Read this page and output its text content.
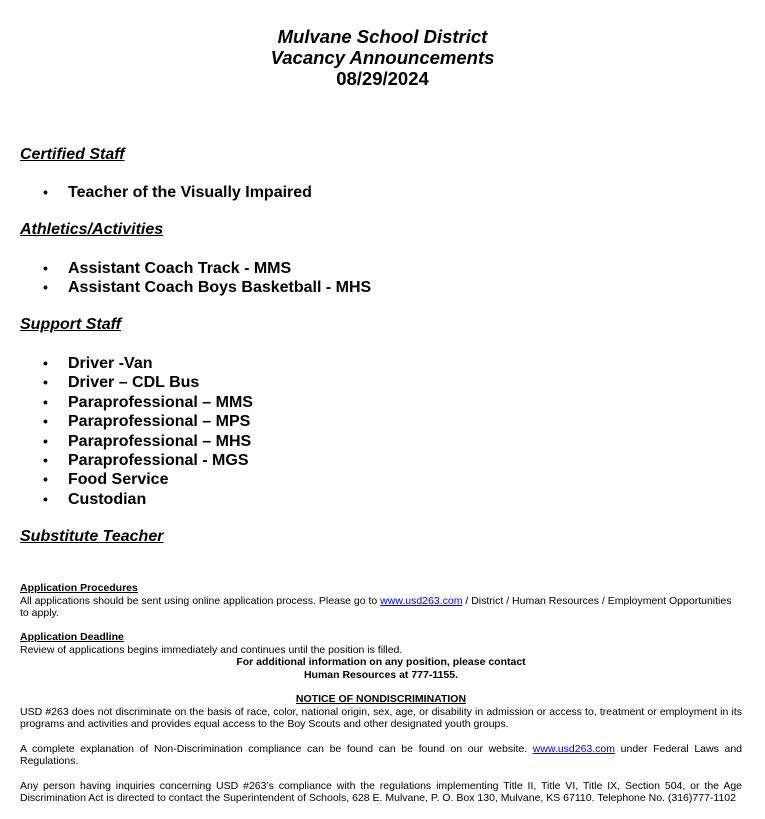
Mulvane School District
Vacancy Announcements
08/29/2024
Certified Staff
• Teacher of the Visually Impaired
Athletics/Activities
• Assistant Coach Track - MMS
• Assistant Coach Boys Basketball - MHS
Support Staff
• Driver -Van
• Driver – CDL Bus
• Paraprofessional – MMS
• Paraprofessional – MPS
• Paraprofessional – MHS
• Paraprofessional - MGS
• Food Service
• Custodian
Substitute Teacher
Application Procedures
All applications should be sent using online application process. Please go to www.usd263.com / District / Human Resources / Employment Opportunities to apply.
Application Deadline
Review of applications begins immediately and continues until the position is filled.
For additional information on any position, please contact
Human Resources at 777-1155.
NOTICE OF NONDISCRIMINATION
USD #263 does not discriminate on the basis of race, color, national origin, sex, age, or disability in admission or access to, treatment or employment in its programs and activities and provides equal access to the Boy Scouts and other designated youth groups.
A complete explanation of Non-Discrimination compliance can be found can be found on our website. www.usd263.com under Federal Laws and Regulations.
Any person having inquiries concerning USD #263’s compliance with the regulations implementing Title II, Title VI, Title IX, Section 504, or the Age Discrimination Act is directed to contact the Superintendent of Schools, 628 E. Mulvane, P. O. Box 130, Mulvane, KS 67110. Telephone No. (316)777-1102
